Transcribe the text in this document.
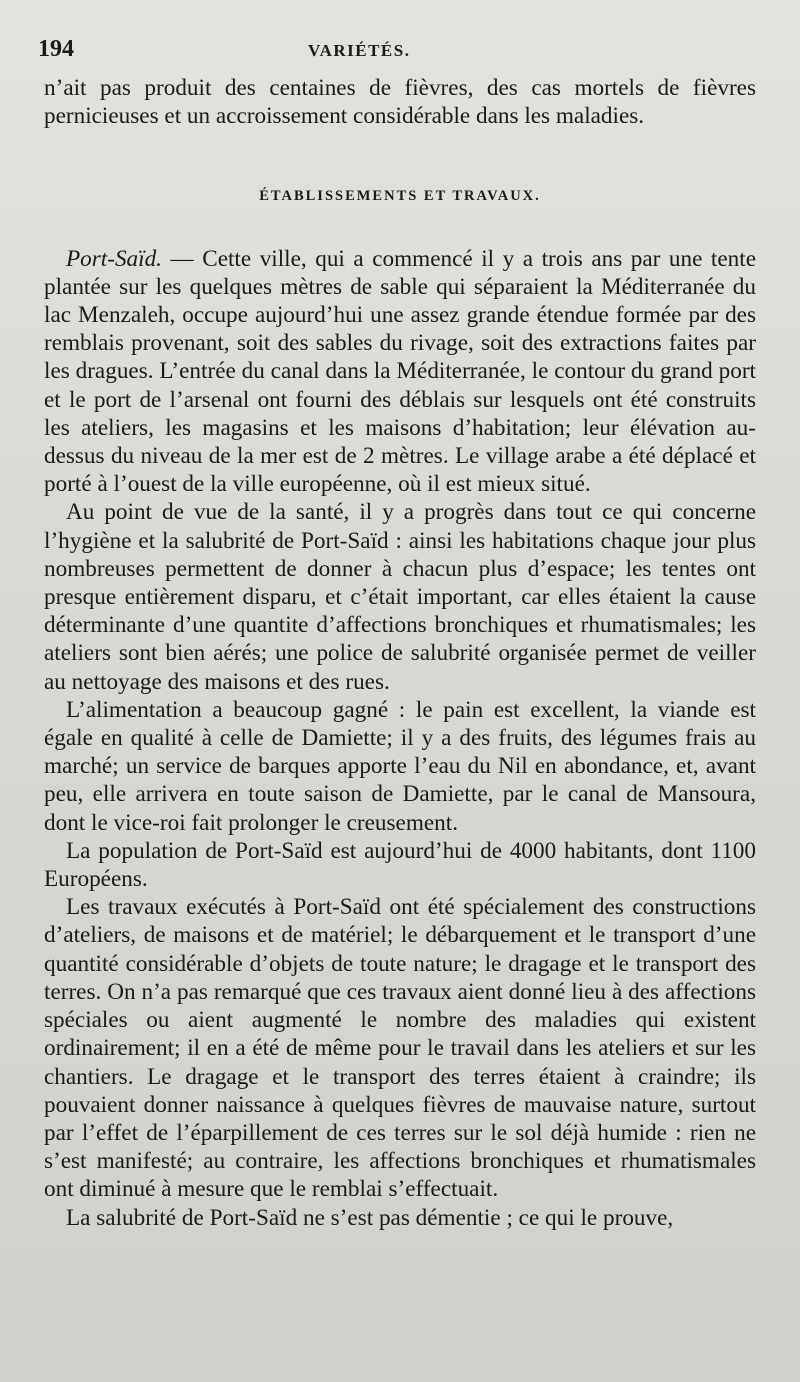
194	VARIÉTÉS.

n’ait pas produit des centaines de fièvres, des cas mortels de fièvres pernicieuses et un accroissement considérable dans les maladies.

ÉTABLISSEMENTS ET TRAVAUX.

Port-Saïd. — Cette ville, qui a commencé il y a trois ans par une tente plantée sur les quelques mètres de sable qui séparaient la Méditerranée du lac Menzaleh, occupe aujourd’hui une assez grande étendue formée par des remblais provenant, soit des sables du rivage, soit des extractions faites par les dragues. L’entrée du canal dans la Méditerranée, le contour du grand port et le port de l’arsenal ont fourni des déblais sur lesquels ont été construits les ateliers, les magasins et les maisons d’habitation; leur élévation au-dessus du niveau de la mer est de 2 mètres. Le village arabe a été déplacé et porté à l’ouest de la ville européenne, où il est mieux situé.

Au point de vue de la santé, il y a progrès dans tout ce qui concerne l’hygiène et la salubrité de Port-Saïd : ainsi les habitations chaque jour plus nombreuses permettent de donner à chacun plus d’espace; les tentes ont presque entièrement disparu, et c’était important, car elles étaient la cause déterminante d’une quantite d’affections bronchiques et rhumatismales; les ateliers sont bien aérés; une police de salubrité organisée permet de veiller au nettoyage des maisons et des rues.

L’alimentation a beaucoup gagné : le pain est excellent, la viande est égale en qualité à celle de Damiette; il y a des fruits, des légumes frais au marché; un service de barques apporte l’eau du Nil en abondance, et, avant peu, elle arrivera en toute saison de Damiette, par le canal de Mansoura, dont le vice-roi fait prolonger le creusement.

La population de Port-Saïd est aujourd’hui de 4000 habitants, dont 1100 Européens.

Les travaux exécutés à Port-Saïd ont été spécialement des constructions d’ateliers, de maisons et de matériel; le débarquement et le transport d’une quantité considérable d’objets de toute nature; le dragage et le transport des terres. On n’a pas remarqué que ces travaux aient donné lieu à des affections spéciales ou aient augmenté le nombre des maladies qui existent ordinairement; il en a été de même pour le travail dans les ateliers et sur les chantiers. Le dragage et le transport des terres étaient à craindre; ils pouvaient donner naissance à quelques fièvres de mauvaise nature, surtout par l’effet de l’éparpillement de ces terres sur le sol déjà humide : rien ne s’est manifesté; au contraire, les affections bronchiques et rhumatismales ont diminué à mesure que le remblai s’effectuait.

La salubrité de Port-Saïd ne s’est pas démentie ; ce qui le prouve,
